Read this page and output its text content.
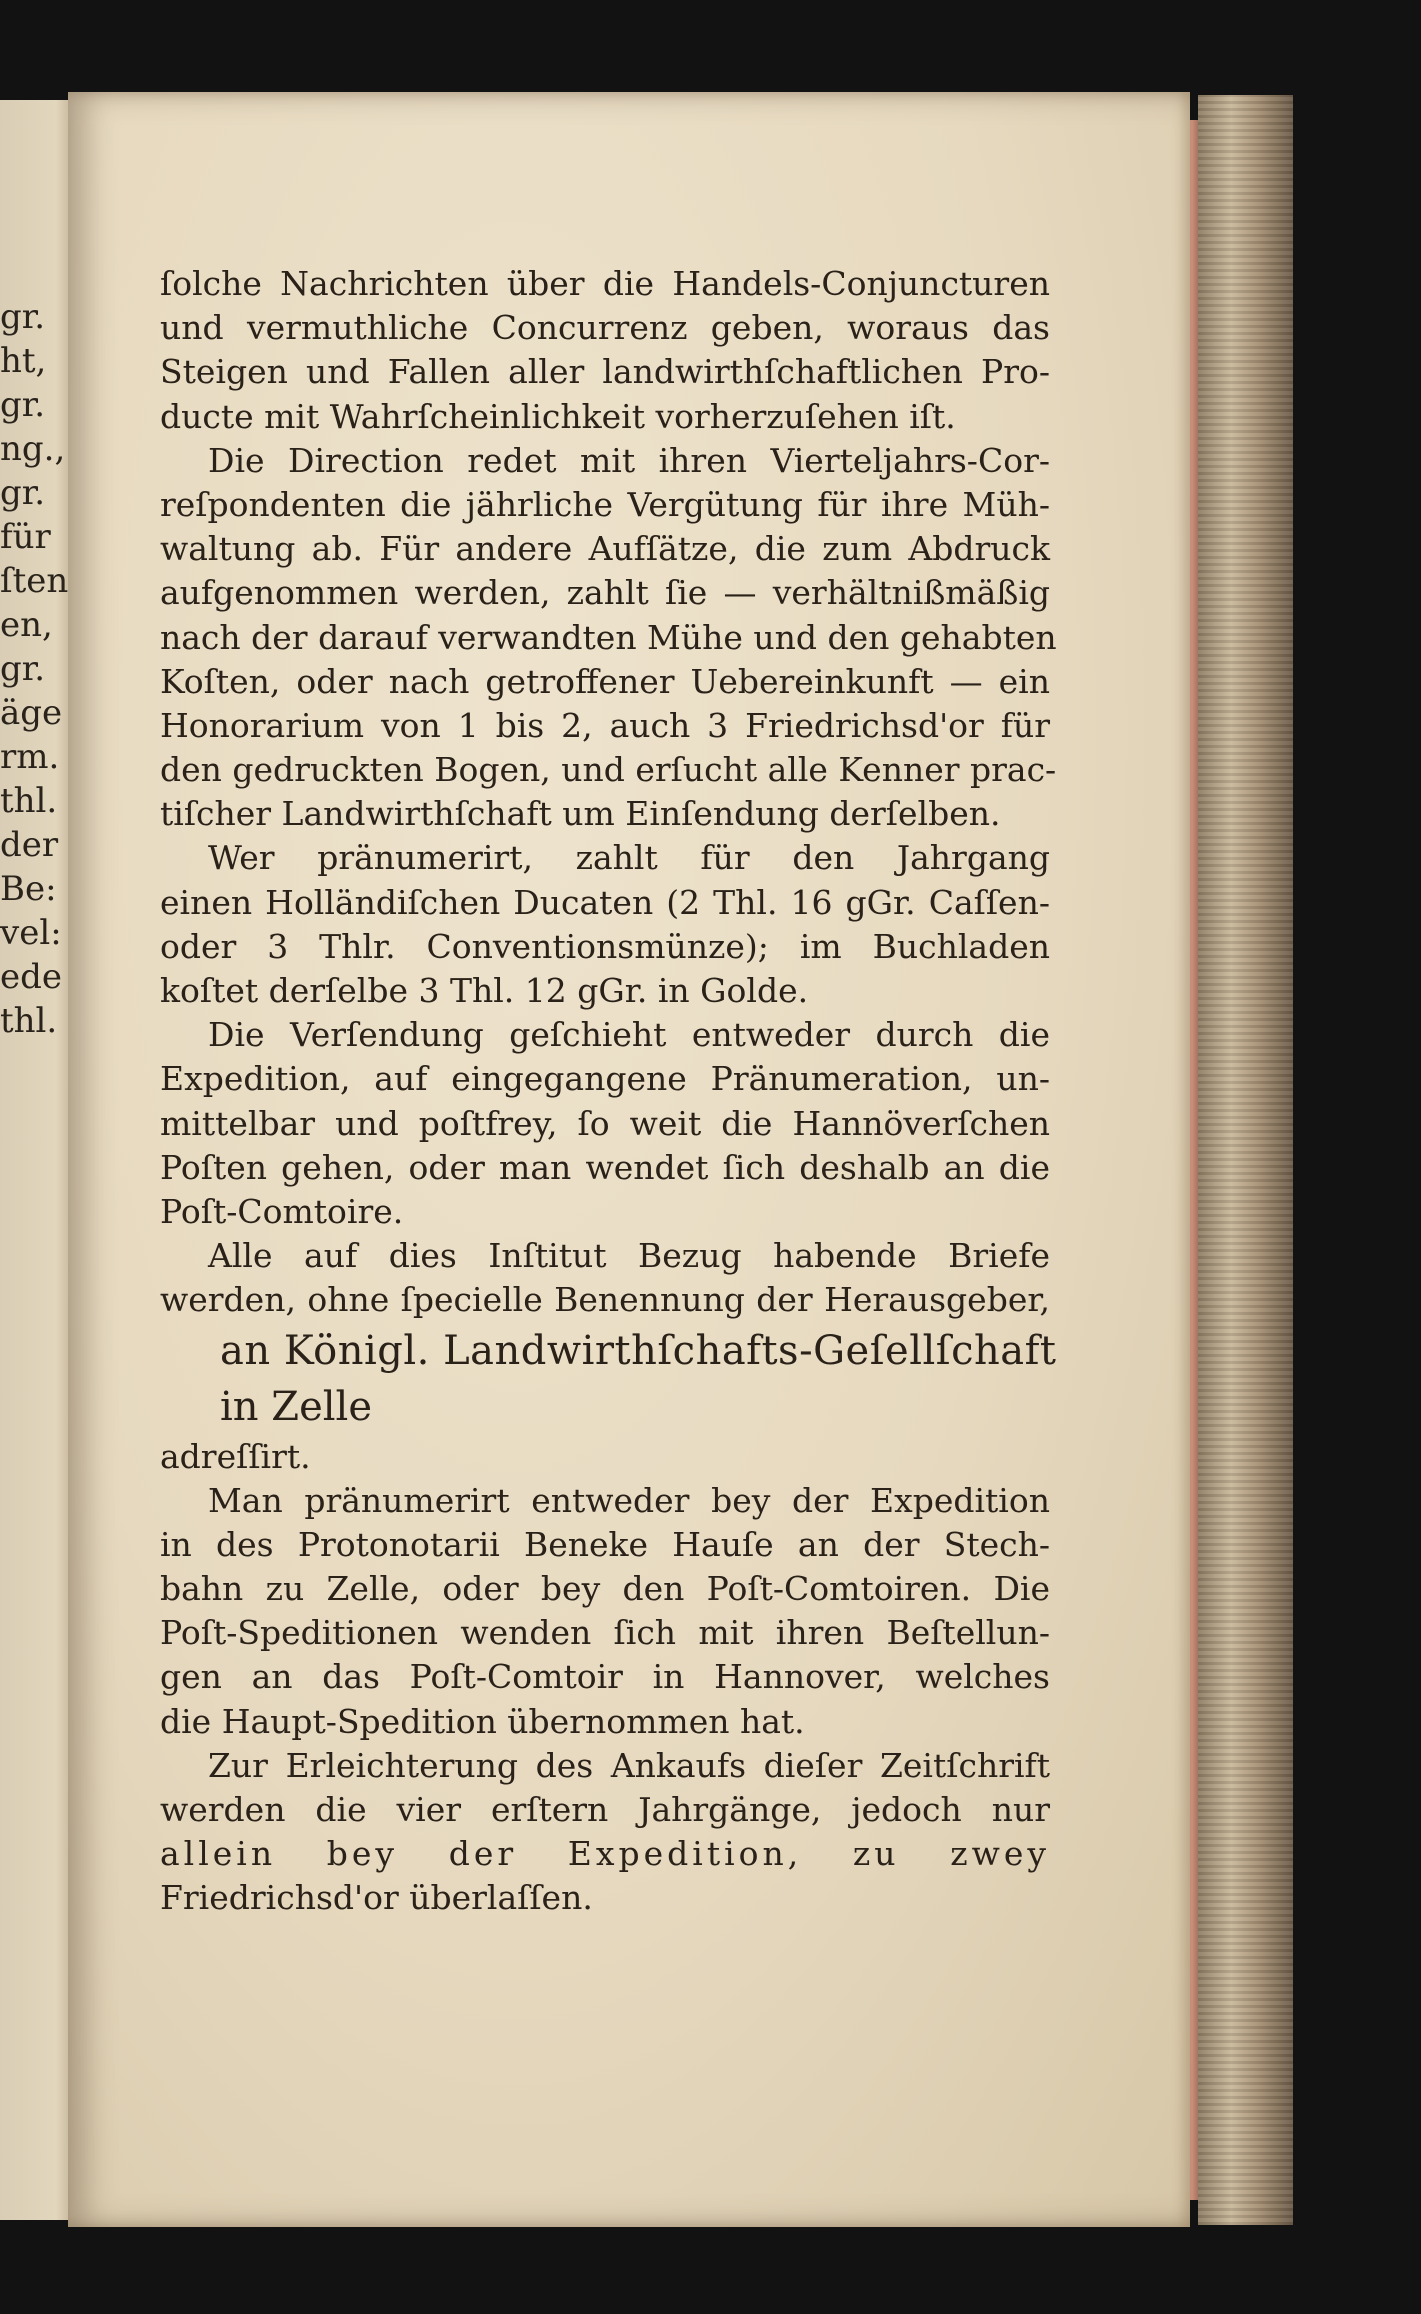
gr.
ht,
gr.
ng.,
gr.
für
ſten
en,
gr.
äge
rm.
thl.
der
Be:
vel:
ede
thl.
ſolche Nachrichten über die Handels-Conjuncturen
und vermuthliche Concurrenz geben, woraus das
Steigen und Fallen aller landwirthſchaftlichen Pro-
ducte mit Wahrſcheinlichkeit vorherzuſehen iſt.
Die Direction redet mit ihren Vierteljahrs-Cor-
reſpondenten die jährliche Vergütung für ihre Müh-
waltung ab. Für andere Aufſätze, die zum Abdruck
aufgenommen werden, zahlt ſie — verhältnißmäßig
nach der darauf verwandten Mühe und den gehabten
Koſten, oder nach getroffener Uebereinkunft — ein
Honorarium von 1 bis 2, auch 3 Friedrichsd'or für
den gedruckten Bogen, und erſucht alle Kenner prac-
tiſcher Landwirthſchaft um Einſendung derſelben.
Wer pränumerirt, zahlt für den Jahrgang
einen Holländiſchen Ducaten (2 Thl. 16 gGr. Caſſen-
oder 3 Thlr. Conventionsmünze); im Buchladen
koſtet derſelbe 3 Thl. 12 gGr. in Golde.
Die Verſendung geſchieht entweder durch die
Expedition, auf eingegangene Pränumeration, un-
mittelbar und poſtfrey, ſo weit die Hannöverſchen
Poſten gehen, oder man wendet ſich deshalb an die
Poſt-Comtoire.
Alle auf dies Inſtitut Bezug habende Briefe
werden, ohne ſpecielle Benennung der Herausgeber,
an Königl. Landwirthſchafts-Geſellſchaft
in Zelle
adreſſirt.
Man pränumerirt entweder bey der Expedition
in des Protonotarii Beneke Hauſe an der Stech-
bahn zu Zelle, oder bey den Poſt-Comtoiren. Die
Poſt-Speditionen wenden ſich mit ihren Beſtellun-
gen an das Poſt-Comtoir in Hannover, welches
die Haupt-Spedition übernommen hat.
Zur Erleichterung des Ankaufs dieſer Zeitſchrift
werden die vier erſtern Jahrgänge, jedoch nur
allein bey der Expedition, zu zwey
Friedrichsd'or überlaſſen.
